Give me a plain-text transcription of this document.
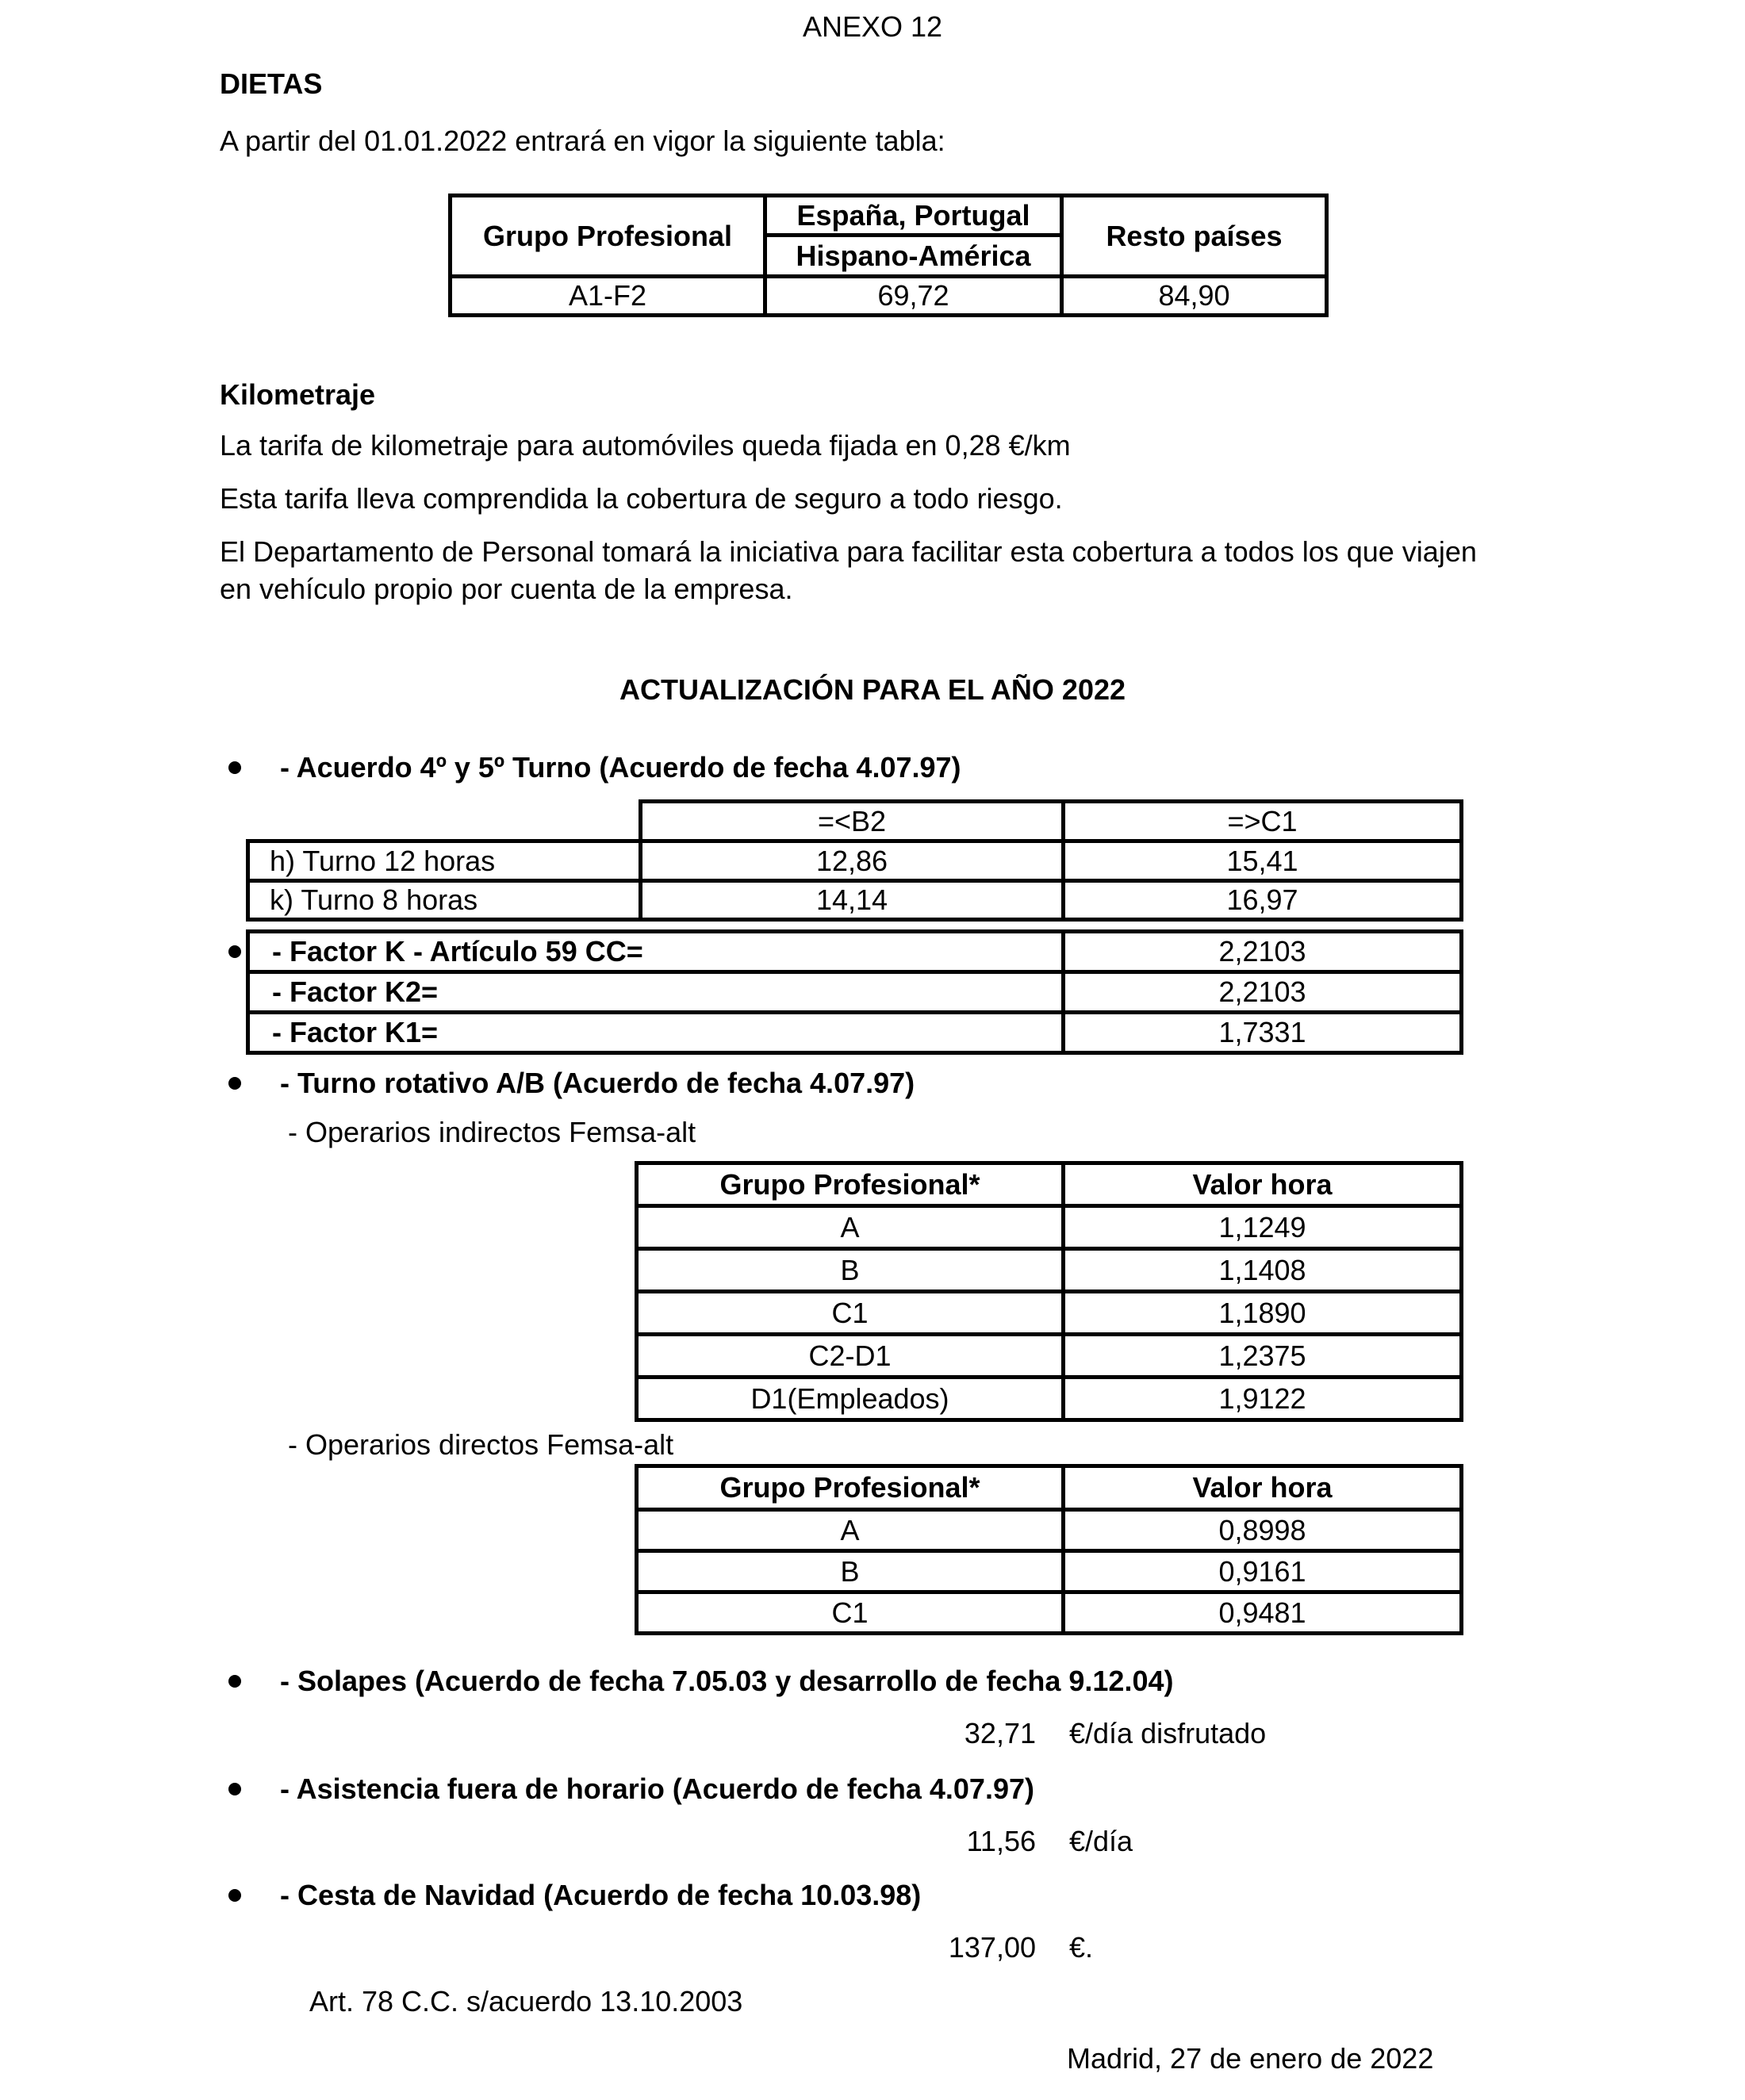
ANEXO 12
DIETAS
A partir del 01.01.2022 entrará en vigor la siguiente tabla:
Grupo Profesional	España, Portugal	Resto países
	Hispano-América	
A1-F2	69,72	84,90
Kilometraje
La tarifa de kilometraje para automóviles queda fijada en 0,28 €/km
Esta tarifa lleva comprendida la cobertura de seguro a todo riesgo.
El Departamento de Personal tomará la iniciativa para facilitar esta cobertura a todos los que viajen
en vehículo propio por cuenta de la empresa.
ACTUALIZACIÓN PARA EL AÑO 2022
- Acuerdo 4º y 5º Turno (Acuerdo de fecha 4.07.97)
	=<B2	=>C1
h) Turno 12 horas	12,86	15,41
k) Turno 8 horas	14,14	16,97
- Factor K - Artículo 59 CC=	2,2103
- Factor K2=	2,2103
- Factor K1=	1,7331
- Turno rotativo A/B (Acuerdo de fecha 4.07.97)
- Operarios indirectos Femsa-alt
Grupo Profesional*	Valor hora
A	1,1249
B	1,1408
C1	1,1890
C2-D1	1,2375
D1(Empleados)	1,9122
- Operarios directos Femsa-alt
Grupo Profesional*	Valor hora
A	0,8998
B	0,9161
C1	0,9481
- Solapes (Acuerdo de fecha 7.05.03 y desarrollo de fecha 9.12.04)
32,71 €/día disfrutado
- Asistencia fuera de horario (Acuerdo de fecha 4.07.97)
11,56 €/día
- Cesta de Navidad (Acuerdo de fecha 10.03.98)
137,00 €.
Art. 78 C.C. s/acuerdo 13.10.2003
Madrid, 27 de enero de 2022
